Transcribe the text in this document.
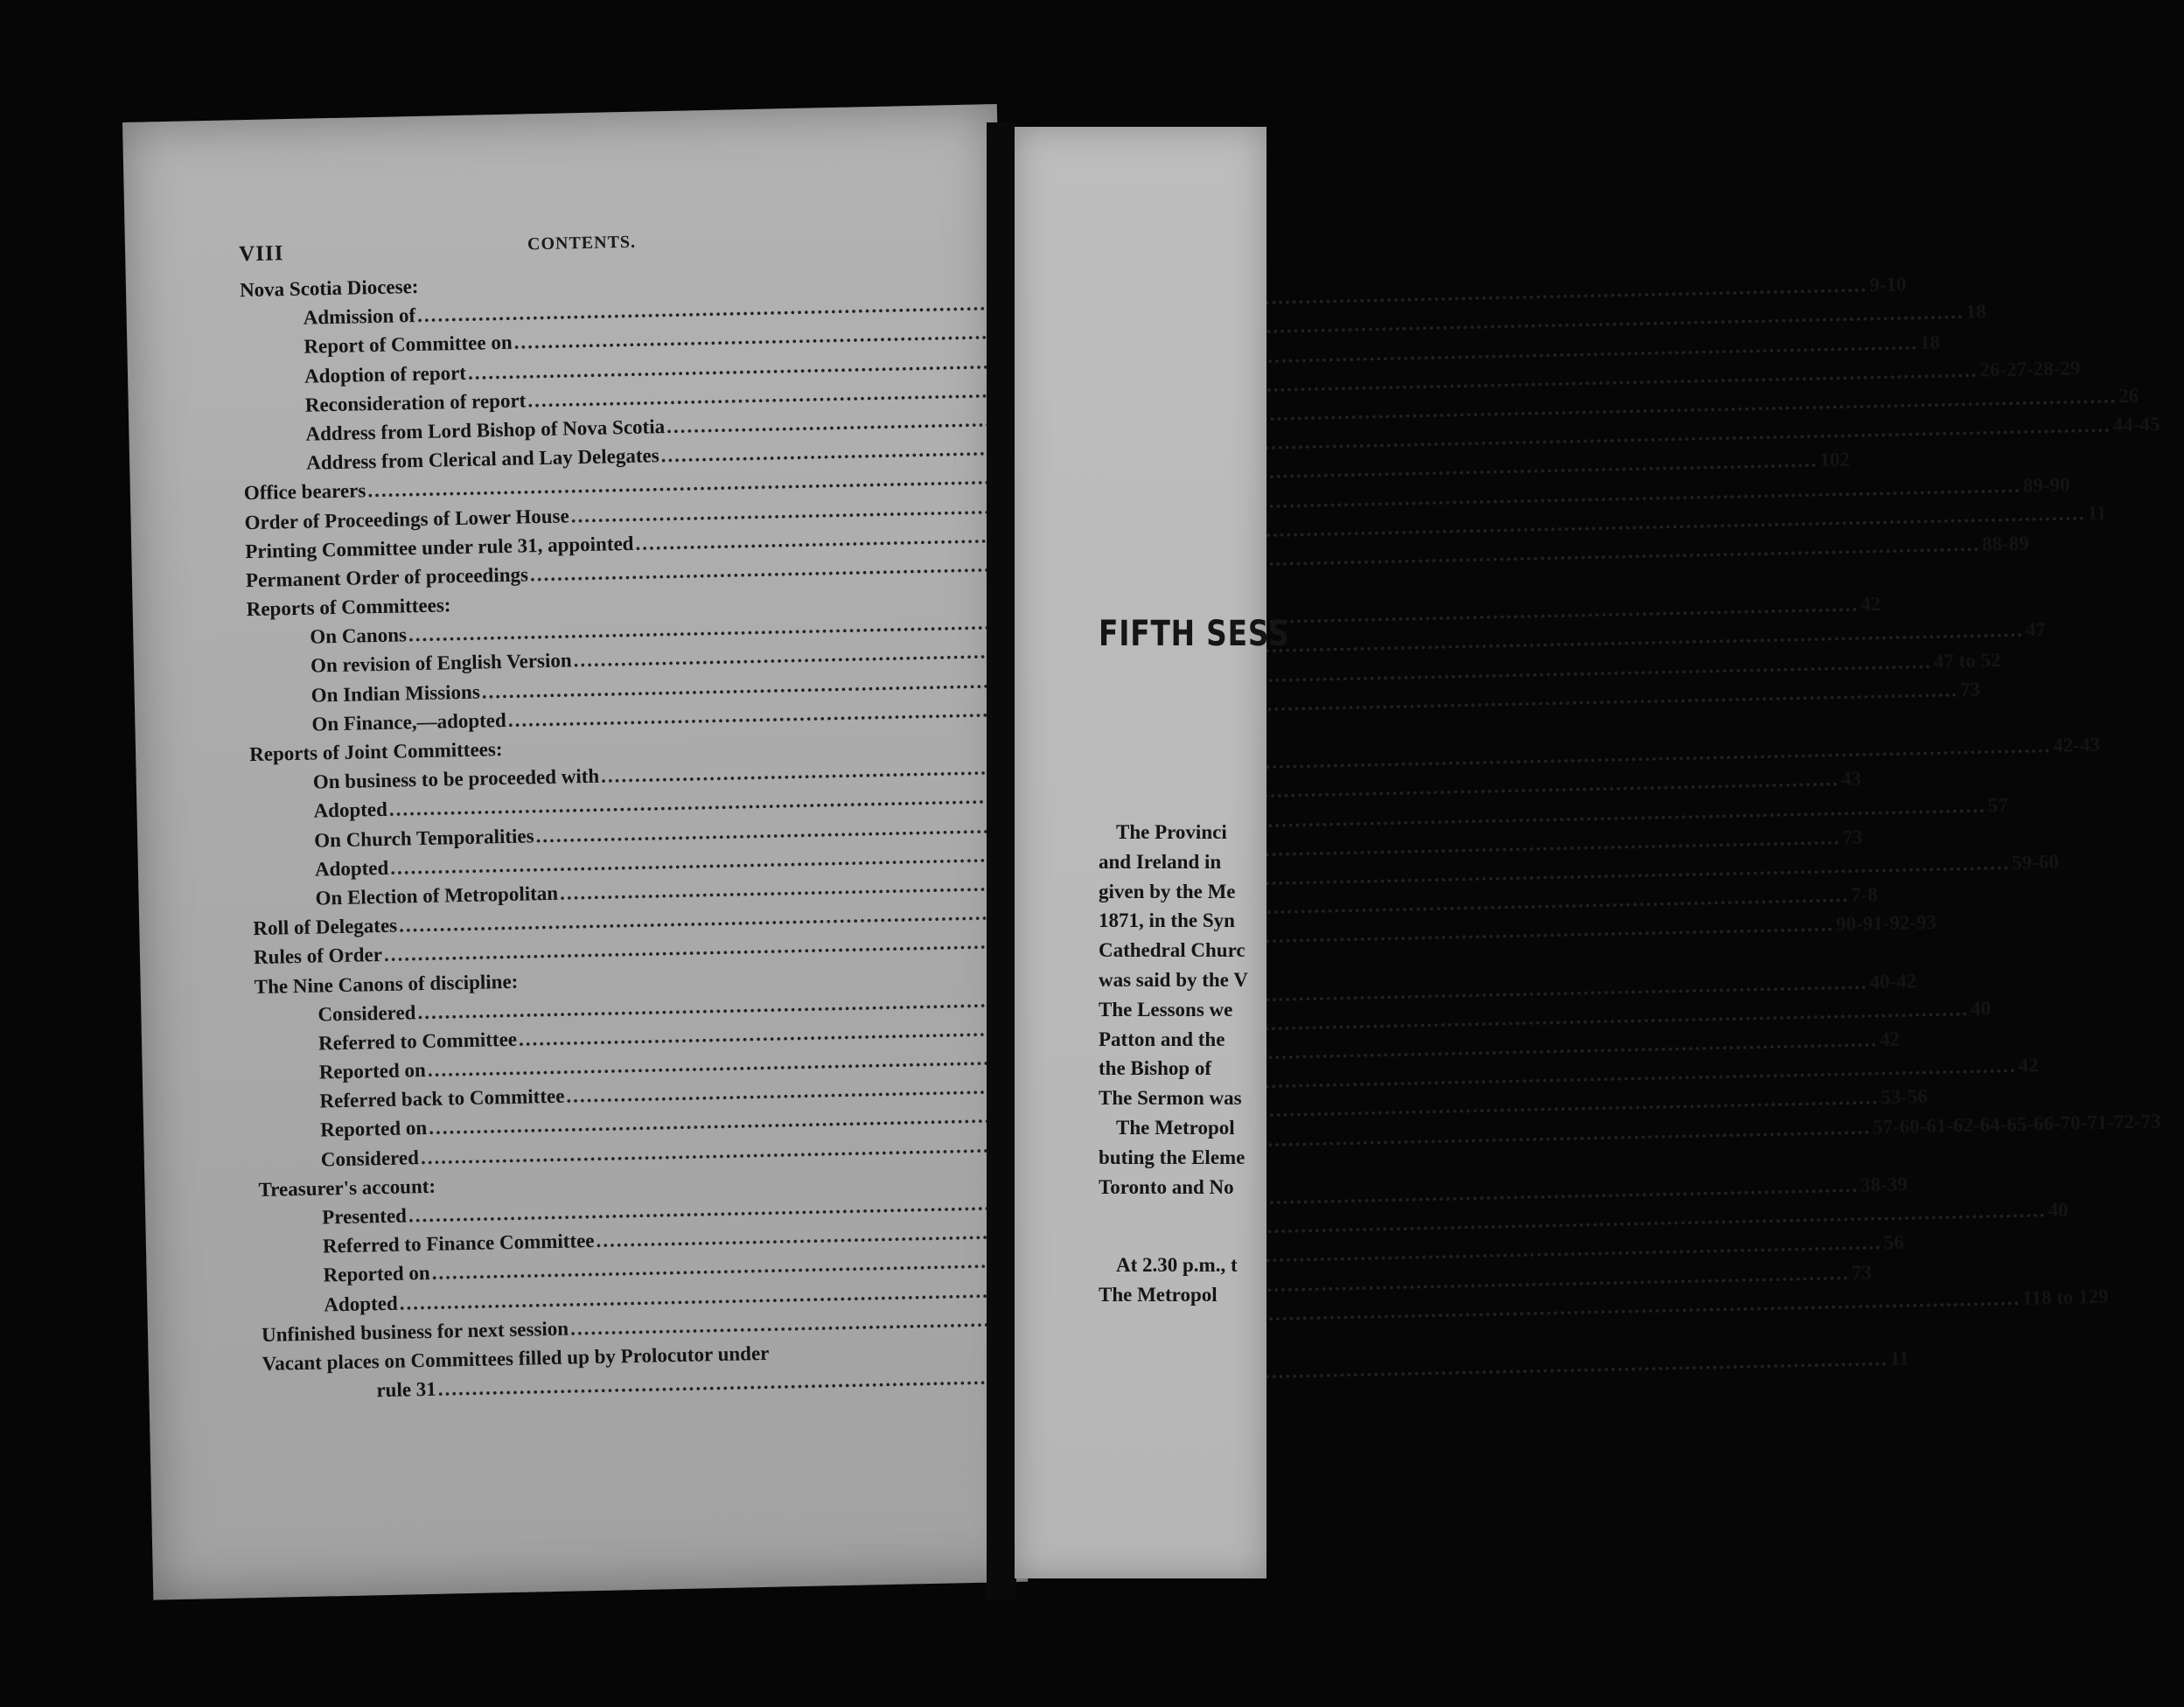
VIII	CONTENTS.
Nova Scotia Diocese:
Admission of
.....
9-10
Report of Committee on
.....
18
Adoption of report
.....
18
Reconsideration of report
.....
26-27-28-29
Address from Lord Bishop of Nova Scotia
.....
26
Address from Clerical and Lay Delegates
.....
44-45
Office bearers
.....
102
Order of Proceedings of Lower House
.....
89-90
Printing Committee under rule 31, appointed
.....
11
Permanent Order of proceedings
.....
88-89
Reports of Committees:
On Canons
.....
42
On revision of English Version
.....
47
On Indian Missions
.....
47 to 52
On Finance,—adopted
.....
73
Reports of Joint Committees:
On business to be proceeded with
.....
42-43
Adopted
.....
43
On Church Temporalities
.....
57
Adopted
.....
73
On Election of Metropolitan
.....
59-60
Roll of Delegates
.....
7-8
Rules of Order
.....
90-91-92-93
The Nine Canons of discipline:
Considered
.....
40-42
Referred to Committee
.....
40
Reported on
.....
42
Referred back to Committee
.....
42
Reported on
.....
53-56
Considered
.....
57-60-61-62-64-65-66-70-71-72-73
Treasurer's account:
Presented
.....
38-39
Referred to Finance Committee
.....
40
Reported on
.....
56
Adopted
.....
73
Unfinished business for next session
.....
118 to 129
Vacant places on Committees filled up by Prolocutor under
rule 31
.....
11
FIFTH SESS
The Provinci
and Ireland in
given by the Me
1871, in the Syn
Cathedral Churc
was said by the V
The Lessons we
Patton and the
the Bishop of
The Sermon was
The Metropol
buting the Eleme
Toronto and No
At 2.30 p.m., t
The Metropol
